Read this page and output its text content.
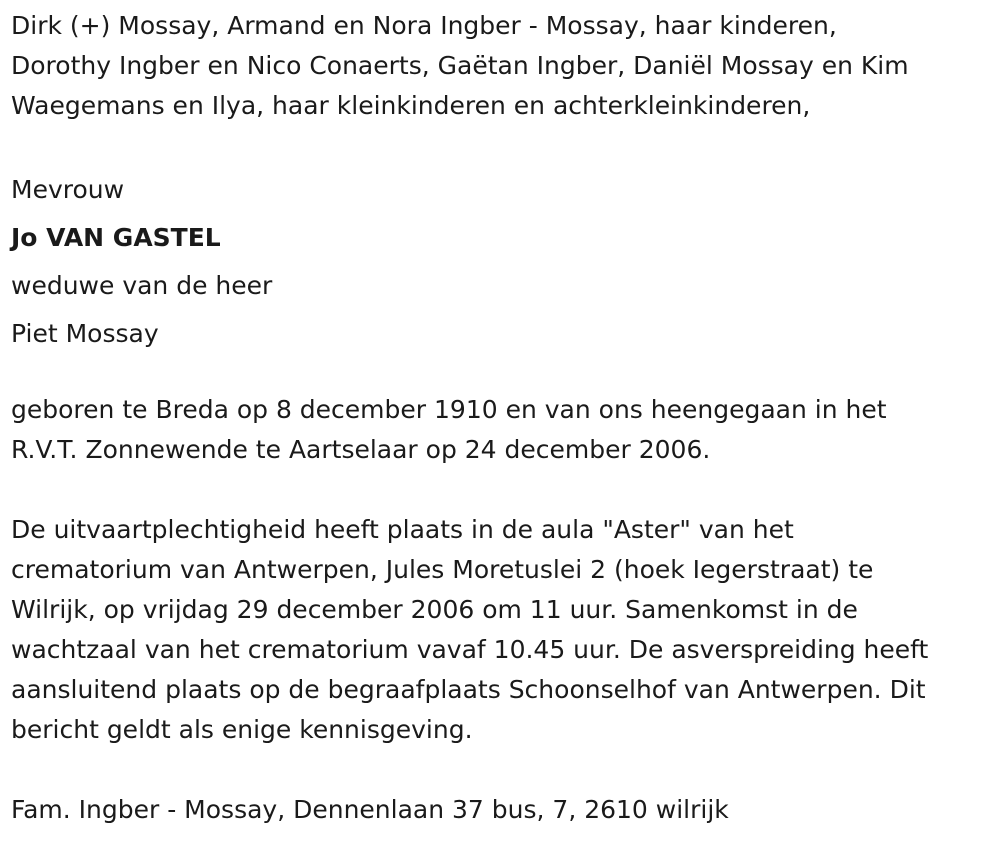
Dirk (+) Mossay, Armand en Nora Ingber - Mossay, haar kinderen,
Dorothy Ingber en Nico Conaerts, Gaëtan Ingber, Daniël Mossay en Kim
Waegemans en Ilya, haar kleinkinderen en achterkleinkinderen,

Mevrouw

Jo VAN GASTEL

weduwe van de heer

Piet Mossay

geboren te Breda op 8 december 1910 en van ons heengegaan in het
R.V.T. Zonnewende te Aartselaar op 24 december 2006.

De uitvaartplechtigheid heeft plaats in de aula "Aster" van het
crematorium van Antwerpen, Jules Moretuslei 2 (hoek Iegerstraat) te
Wilrijk, op vrijdag 29 december 2006 om 11 uur. Samenkomst in de
wachtzaal van het crematorium vavaf 10.45 uur. De asverspreiding heeft
aansluitend plaats op de begraafplaats Schoonselhof van Antwerpen. Dit
bericht geldt als enige kennisgeving.

Fam. Ingber - Mossay, Dennenlaan 37 bus, 7, 2610 wilrijk
